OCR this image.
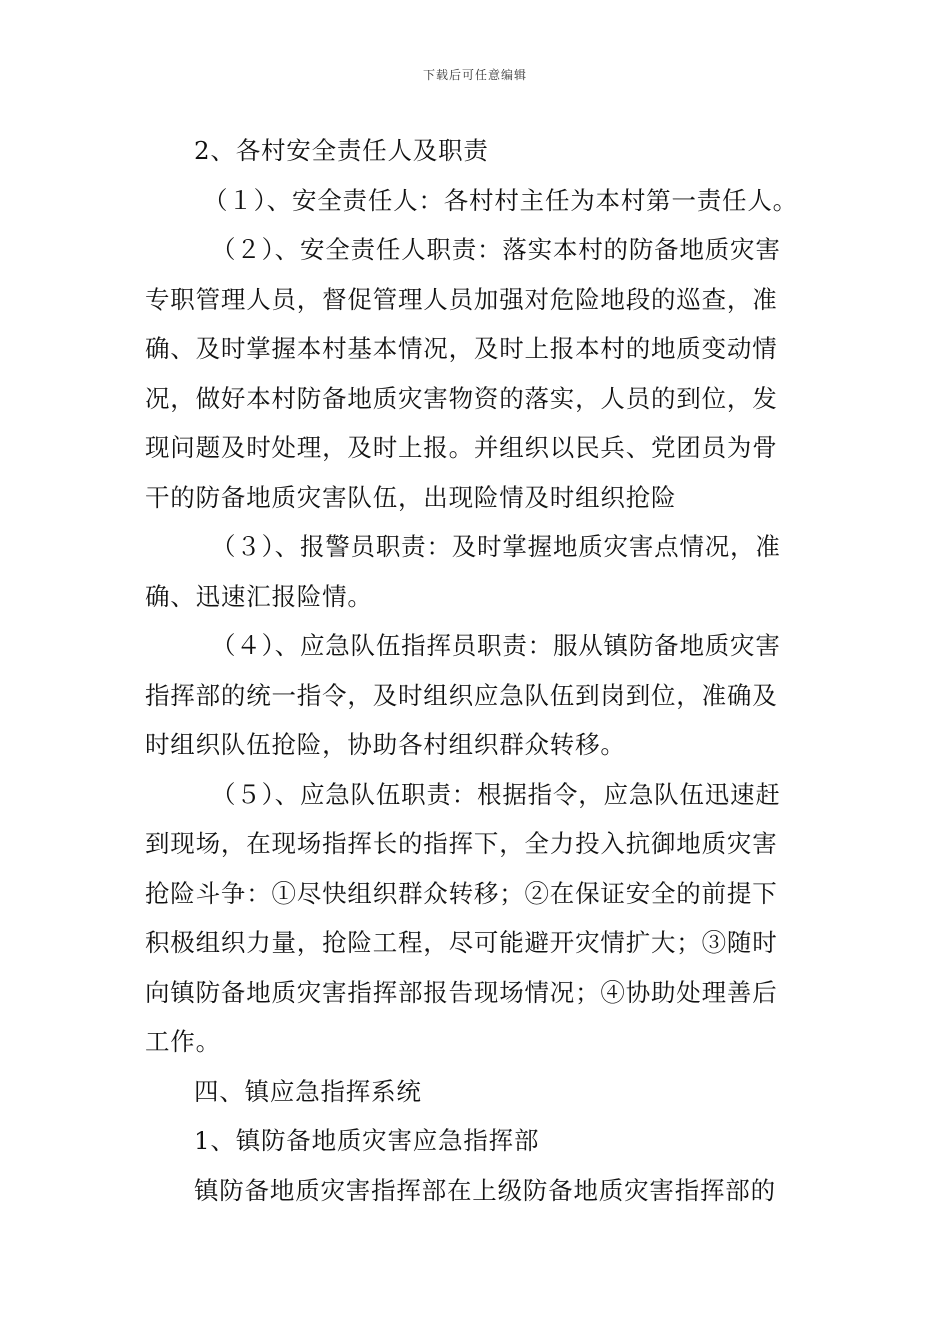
下载后可任意编辑
2、各村安全责任人及职责
（１）、安全责任人：各村村主任为本村第一责任人。
（２）、安全责任人职责：落实本村的防备地质灾害
专职管理人员，督促管理人员加强对危险地段的巡查，准
确、及时掌握本村基本情况，及时上报本村的地质变动情
况，做好本村防备地质灾害物资的落实，人员的到位，发
现问题及时处理，及时上报。并组织以民兵、党团员为骨
干的防备地质灾害队伍，出现险情及时组织抢险
（３）、报警员职责：及时掌握地质灾害点情况，准
确、迅速汇报险情。
（４）、应急队伍指挥员职责：服从镇防备地质灾害
指挥部的统一指令，及时组织应急队伍到岗到位，准确及
时组织队伍抢险，协助各村组织群众转移。
（５）、应急队伍职责：根据指令，应急队伍迅速赶
到现场，在现场指挥长的指挥下，全力投入抗御地质灾害
抢险斗争：①尽快组织群众转移；②在保证安全的前提下
积极组织力量，抢险工程，尽可能避开灾情扩大；③随时
向镇防备地质灾害指挥部报告现场情况；④协助处理善后
工作。
四、镇应急指挥系统
1、镇防备地质灾害应急指挥部
镇防备地质灾害指挥部在上级防备地质灾害指挥部的
